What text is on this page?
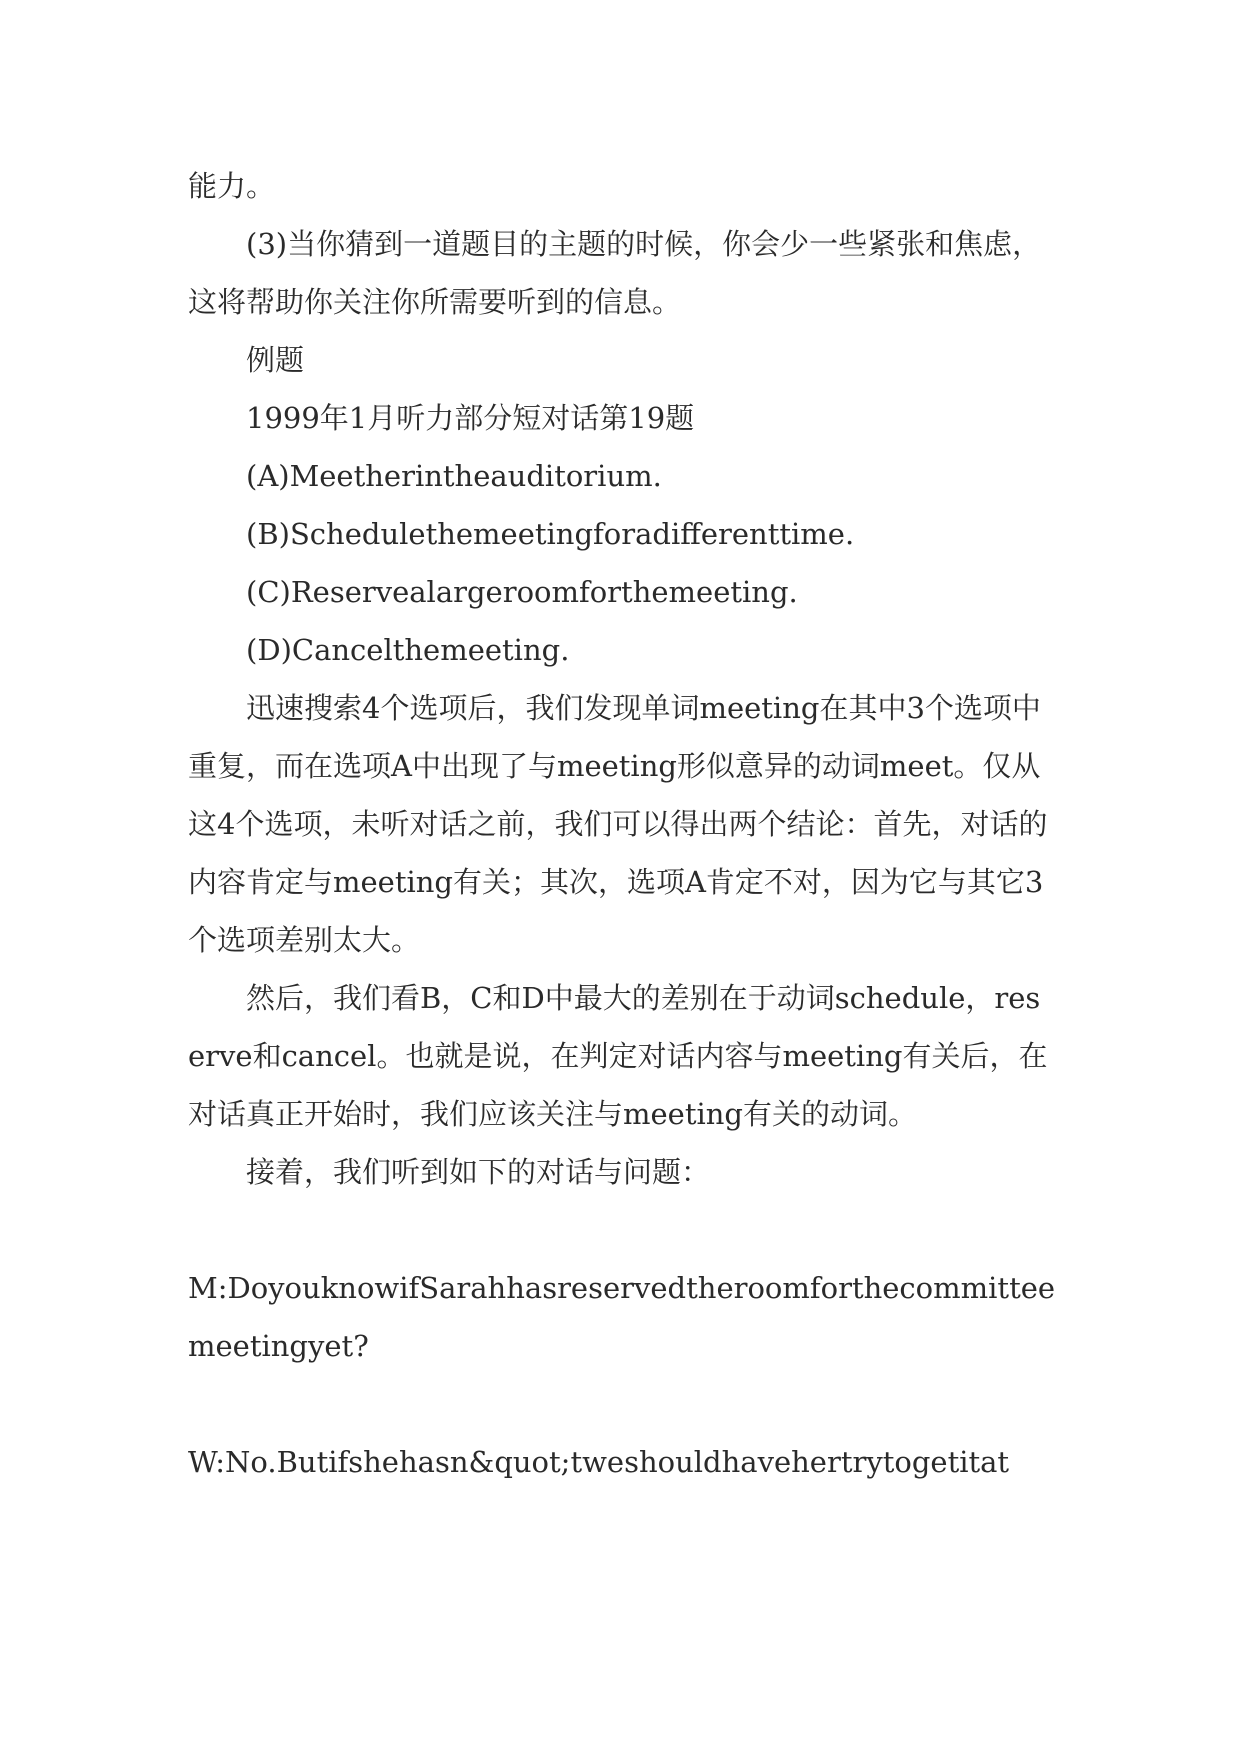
能力。

(3)当你猜到一道题目的主题的时候，你会少一些紧张和焦虑，这将帮助你关注你所需要听到的信息。

例题

1999年1月听力部分短对话第19题

(A)Meetherintheauditorium.

(B)Schedulethemeetingforadifferenttime.

(C)Reservealargeroomforthemeeting.

(D)Cancelthemeeting.

迅速搜索4个选项后，我们发现单词meeting在其中3个选项中重复，而在选项A中出现了与meeting形似意异的动词meet。仅从这4个选项，未听对话之前，我们可以得出两个结论：首先，对话的内容肯定与meeting有关；其次，选项A肯定不对，因为它与其它3个选项差别太大。

然后，我们看B，C和D中最大的差别在于动词schedule，reserve和cancel。也就是说，在判定对话内容与meeting有关后，在对话真正开始时，我们应该关注与meeting有关的动词。

接着，我们听到如下的对话与问题：

M:DoyouknowifSarahhasreservedtheroomforthecommittee

meetingyet?

W:No.Butifshehasn&quot;tweshouldhavehertrytogetitat
